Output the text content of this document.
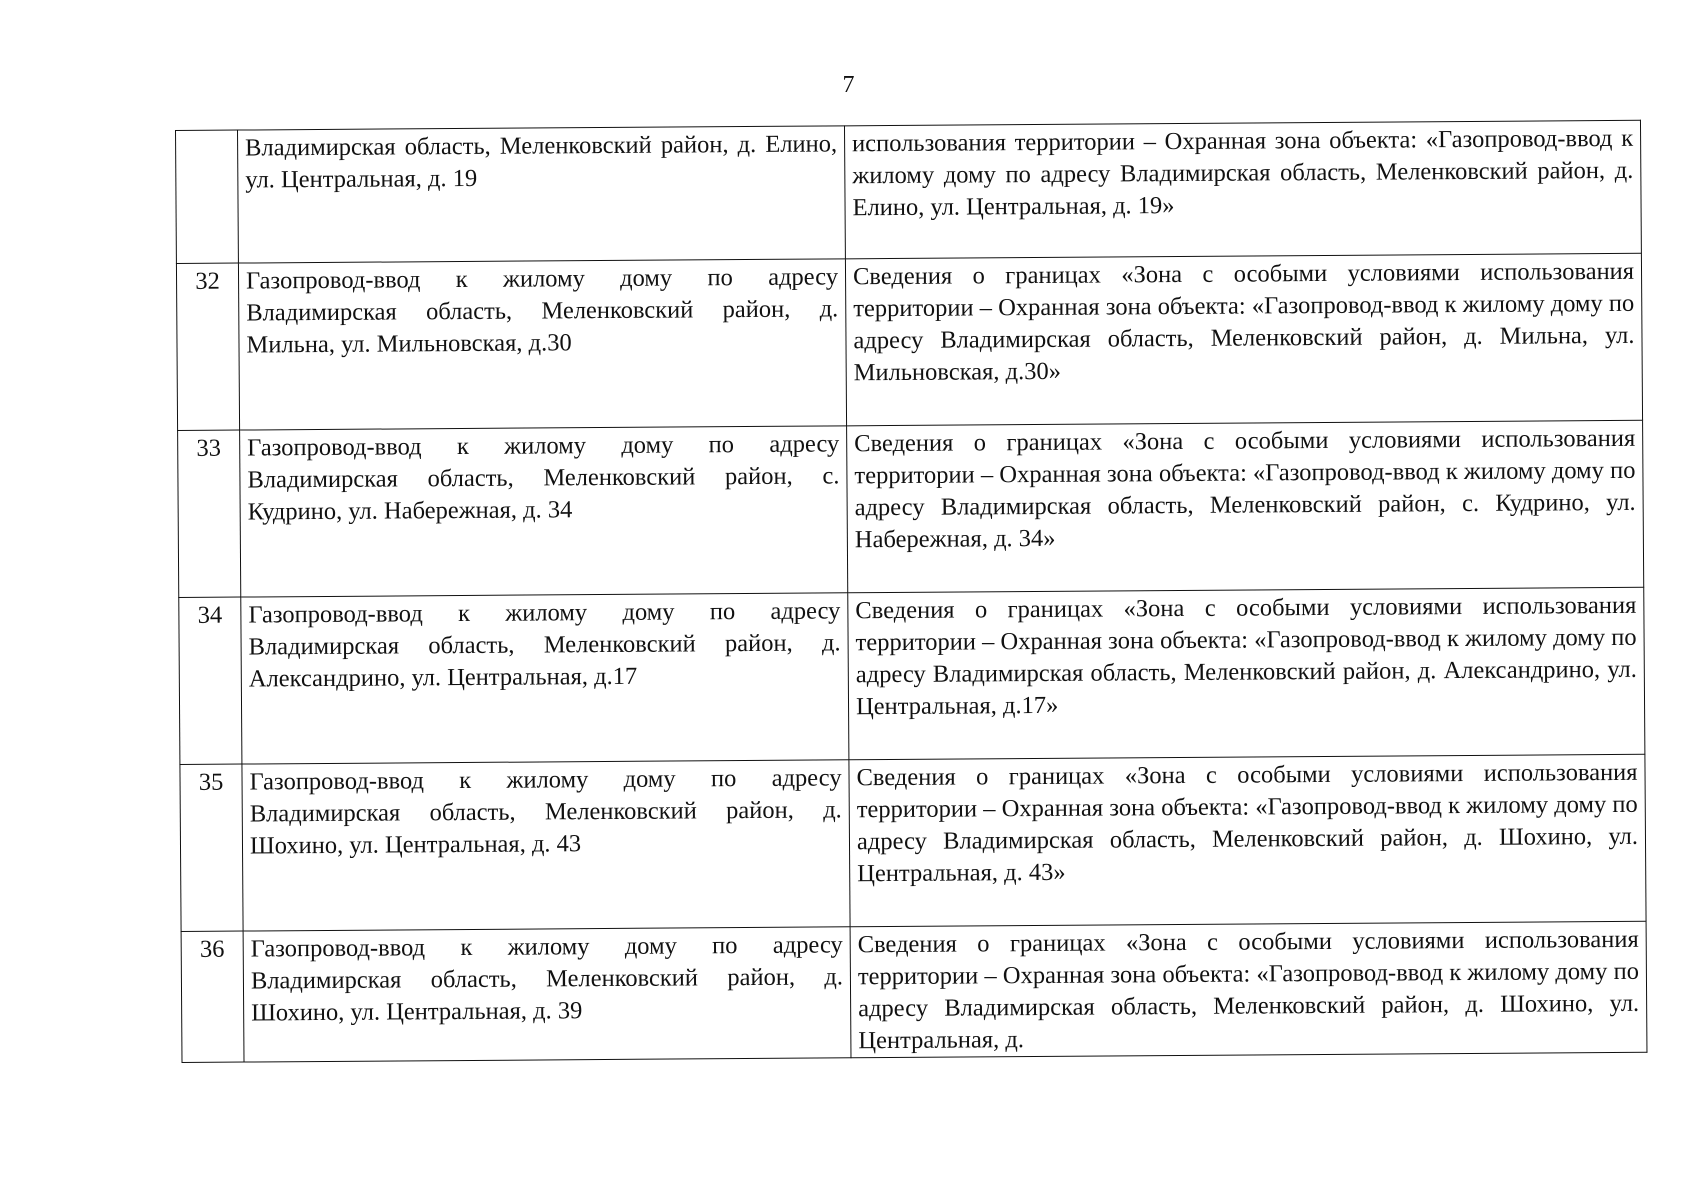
7
	Владимирская область, Меленковский район, д. Елино, ул. Центральная, д. 19	использования территории – Охранная зона объекта: «Газопровод-ввод к жилому дому по адресу Владимирская область, Меленковский район, д. Елино, ул. Центральная, д. 19»
32	Газопровод-ввод к жилому дому по адресу Владимирская область, Меленковский район, д. Мильна, ул. Мильновская, д.30	Сведения о границах «Зона с особыми условиями использования территории – Охранная зона объекта: «Газопровод-ввод к жилому дому по адресу Владимирская область, Меленковский район, д. Мильна, ул. Мильновская, д.30»
33	Газопровод-ввод к жилому дому по адресу Владимирская область, Меленковский район, с. Кудрино, ул. Набережная, д. 34	Сведения о границах «Зона с особыми условиями использования территории – Охранная зона объекта: «Газопровод-ввод к жилому дому по адресу Владимирская область, Меленковский район, с. Кудрино, ул. Набережная, д. 34»
34	Газопровод-ввод к жилому дому по адресу Владимирская область, Меленковский район, д. Александрино, ул. Центральная, д.17	Сведения о границах «Зона с особыми условиями использования территории – Охранная зона объекта: «Газопровод-ввод к жилому дому по адресу Владимирская область, Меленковский район, д. Александрино, ул. Центральная, д.17»
35	Газопровод-ввод к жилому дому по адресу Владимирская область, Меленковский район, д. Шохино, ул. Центральная, д. 43	Сведения о границах «Зона с особыми условиями использования территории – Охранная зона объекта: «Газопровод-ввод к жилому дому по адресу Владимирская область, Меленковский район, д. Шохино, ул. Центральная, д. 43»
36	Газопровод-ввод к жилому дому по адресу Владимирская область, Меленковский район, д. Шохино, ул. Центральная, д. 39	Сведения о границах «Зона с особыми условиями использования территории – Охранная зона объекта: «Газопровод-ввод к жилому дому по адресу Владимирская область, Меленковский район, д. Шохино, ул. Центральная, д.
